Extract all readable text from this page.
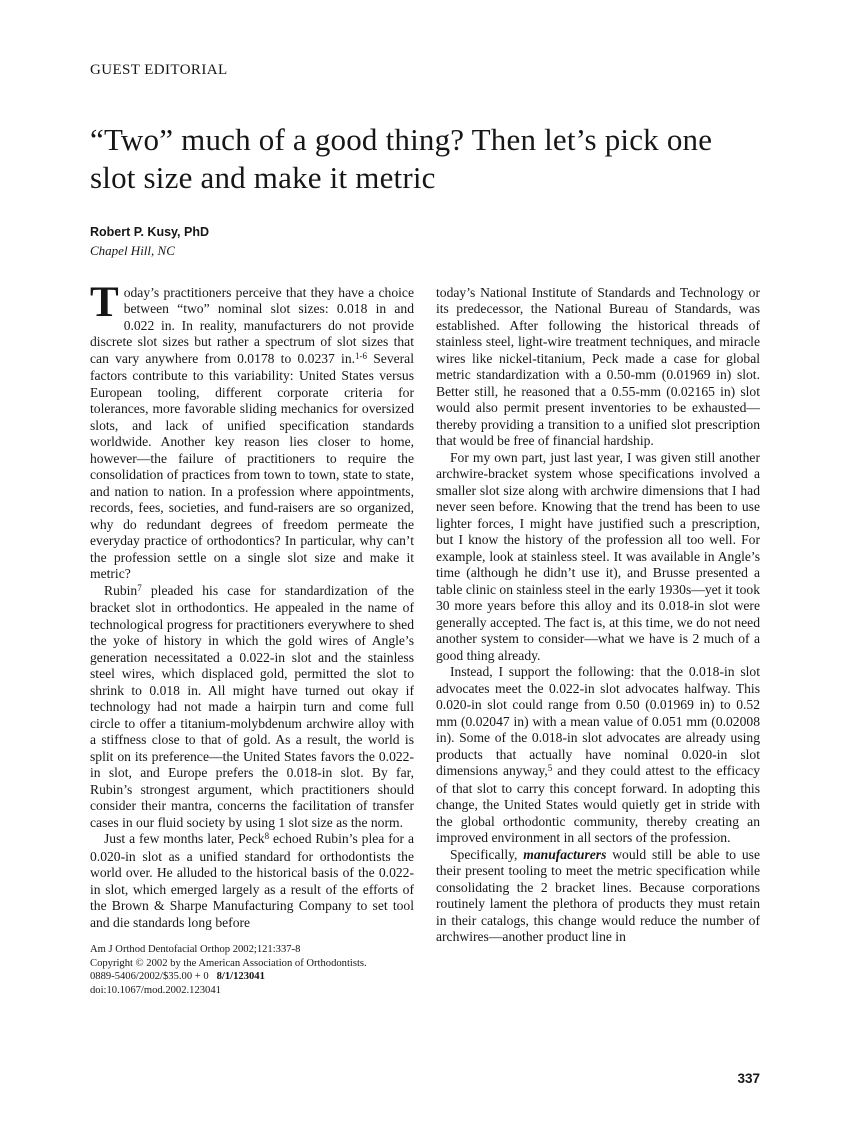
GUEST EDITORIAL
“Two” much of a good thing? Then let’s pick one slot size and make it metric
Robert P. Kusy, PhD
Chapel Hill, NC

Today’s practitioners perceive that they have a choice between “two” nominal slot sizes: 0.018 in and 0.022 in. In reality, manufacturers do not provide discrete slot sizes but rather a spectrum of slot sizes that can vary anywhere from 0.0178 to 0.0237 in.$^{1-6}$ Several factors contribute to this variability: United States versus European tooling, different corporate criteria for tolerances, more favorable sliding mechanics for oversized slots, and lack of unified specification standards worldwide. Another key reason lies closer to home, however—the failure of practitioners to require the consolidation of practices from town to town, state to state, and nation to nation. In a profession where appointments, records, fees, societies, and fund-raisers are so organized, why do redundant degrees of freedom permeate the everyday practice of orthodontics? In particular, why can’t the profession settle on a single slot size and make it metric?

Rubin$^7$ pleaded his case for standardization of the bracket slot in orthodontics. He appealed in the name of technological progress for practitioners everywhere to shed the yoke of history in which the gold wires of Angle’s generation necessitated a 0.022-in slot and the stainless steel wires, which displaced gold, permitted the slot to shrink to 0.018 in. All might have turned out okay if technology had not made a hairpin turn and come full circle to offer a titanium-molybdenum archwire alloy with a stiffness close to that of gold. As a result, the world is split on its preference—the United States favors the 0.022-in slot, and Europe prefers the 0.018-in slot. By far, Rubin’s strongest argument, which practitioners should consider their mantra, concerns the facilitation of transfer cases in our fluid society by using 1 slot size as the norm.

Just a few months later, Peck$^8$ echoed Rubin’s plea for a 0.020-in slot as a unified standard for orthodontists the world over. He alluded to the historical basis of the 0.022-in slot, which emerged largely as a result of the efforts of the Brown & Sharpe Manufacturing Company to set tool and die standards long before

Am J Orthod Dentofacial Orthop 2002;121:337-8

Copyright © 2002 by the American Association of Orthodontists.

0889-5406/2002/$35.00 + 0   8/1/123041

doi:10.1067/mod.2002.123041

today’s National Institute of Standards and Technology or its predecessor, the National Bureau of Standards, was established. After following the historical threads of stainless steel, light-wire treatment techniques, and miracle wires like nickel-titanium, Peck made a case for global metric standardization with a 0.50-mm (0.01969 in) slot. Better still, he reasoned that a 0.55-mm (0.02165 in) slot would also permit present inventories to be exhausted—thereby providing a transition to a unified slot prescription that would be free of financial hardship.

For my own part, just last year, I was given still another archwire-bracket system whose specifications involved a smaller slot size along with archwire dimensions that I had never seen before. Knowing that the trend has been to use lighter forces, I might have justified such a prescription, but I know the history of the profession all too well. For example, look at stainless steel. It was available in Angle’s time (although he didn’t use it), and Brusse presented a table clinic on stainless steel in the early 1930s—yet it took 30 more years before this alloy and its 0.018-in slot were generally accepted. The fact is, at this time, we do not need another system to consider—what we have is 2 much of a good thing already.

Instead, I support the following: that the 0.018-in slot advocates meet the 0.022-in slot advocates halfway. This 0.020-in slot could range from 0.50 (0.01969 in) to 0.52 mm (0.02047 in) with a mean value of 0.051 mm (0.02008 in). Some of the 0.018-in slot advocates are already using products that actually have nominal 0.020-in slot dimensions anyway,$^5$ and they could attest to the efficacy of that slot to carry this concept forward. In adopting this change, the United States would quietly get in stride with the global orthodontic community, thereby creating an improved environment in all sectors of the profession.

Specifically, manufacturers would still be able to use their present tooling to meet the metric specification while consolidating the 2 bracket lines. Because corporations routinely lament the plethora of products they must retain in their catalogs, this change would reduce the number of archwires—another product line in

337
